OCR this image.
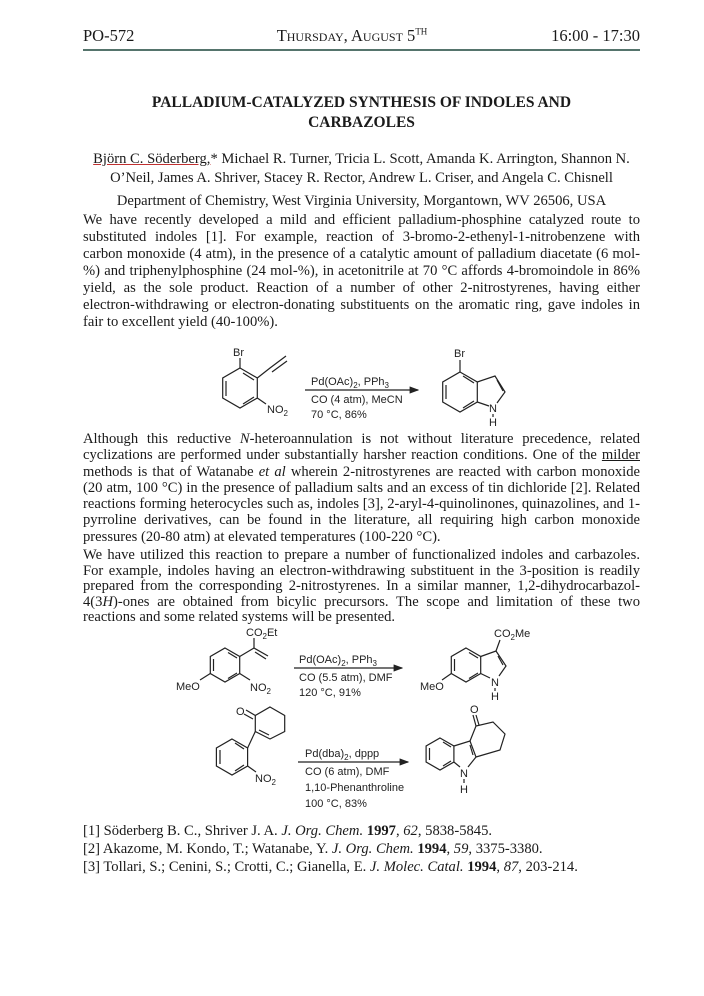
PO-572	Thursday, August 5TH	16:00 - 17:30
PALLADIUM-CATALYZED SYNTHESIS OF INDOLES AND
CARBAZOLES
Björn C. Söderberg,* Michael R. Turner, Tricia L. Scott, Amanda K. Arrington, Shannon N.
O’Neil, James A. Shriver, Stacey R. Rector, Andrew L. Criser, and Angela C. Chisnell
Department of Chemistry, West Virginia University, Morgantown, WV 26506, USA
We have recently developed a mild and efficient palladium-phosphine catalyzed route to substituted indoles [1]. For example, reaction of 3-bromo-2-ethenyl-1-nitrobenzene with carbon monoxide (4 atm), in the presence of a catalytic amount of palladium diacetate (6 mol-%) and triphenylphosphine (24 mol-%), in acetonitrile at 70 °C affords 4-bromoindole in 86% yield, as the sole product. Reaction of a number of other 2-nitrostyrenes, having either electron-withdrawing or electron-donating substituents on the aromatic ring, gave indoles in fair to excellent yield (40-100%).
Although this reductive N-heteroannulation is not without literature precedence, related cyclizations are performed under substantially harsher reaction conditions. One of the milder methods is that of Watanabe et al wherein 2-nitrostyrenes are reacted with carbon monoxide (20 atm, 100 °C) in the presence of palladium salts and an excess of tin dichloride [2]. Related reactions forming heterocycles such as, indoles [3], 2-aryl-4-quinolinones, quinazolines, and 1-pyrroline derivatives, can be found in the literature, all requiring high carbon monoxide pressures (20-80 atm) at elevated temperatures (100-220 °C).
We have utilized this reaction to prepare a number of functionalized indoles and carbazoles. For example, indoles having an electron-withdrawing substituent in the 3-position is readily prepared from the corresponding 2-nitrostyrenes. In a similar manner, 1,2-dihydrocarbazol-4(3H)-ones are obtained from bicylic precursors. The scope and limitation of these two reactions and some related systems will be presented.
Br
$NO_2$
$Pd(OAc)_2$, PPh$_3$
CO (4 atm), MeCN
70 °C, 86%
Br
N
H
$CO_2Et$
MeO	$NO_2$
$Pd(OAc)_2$, PPh$_3$
CO (5.5 atm), DMF
120 °C, 91%
$CO_2Me$
MeO	N
H
O
$NO_2$
$Pd(dba)_2$, dppp
CO (6 atm), DMF
1,10-Phenanthroline
100 °C, 83%
O
N
H
[1] Söderberg B. C., Shriver J. A. J. Org. Chem. 1997, 62, 5838-5845.
[2] Akazome, M. Kondo, T.; Watanabe, Y. J. Org. Chem. 1994, 59, 3375-3380.
[3] Tollari, S.; Cenini, S.; Crotti, C.; Gianella, E. J. Molec. Catal. 1994, 87, 203-214.
